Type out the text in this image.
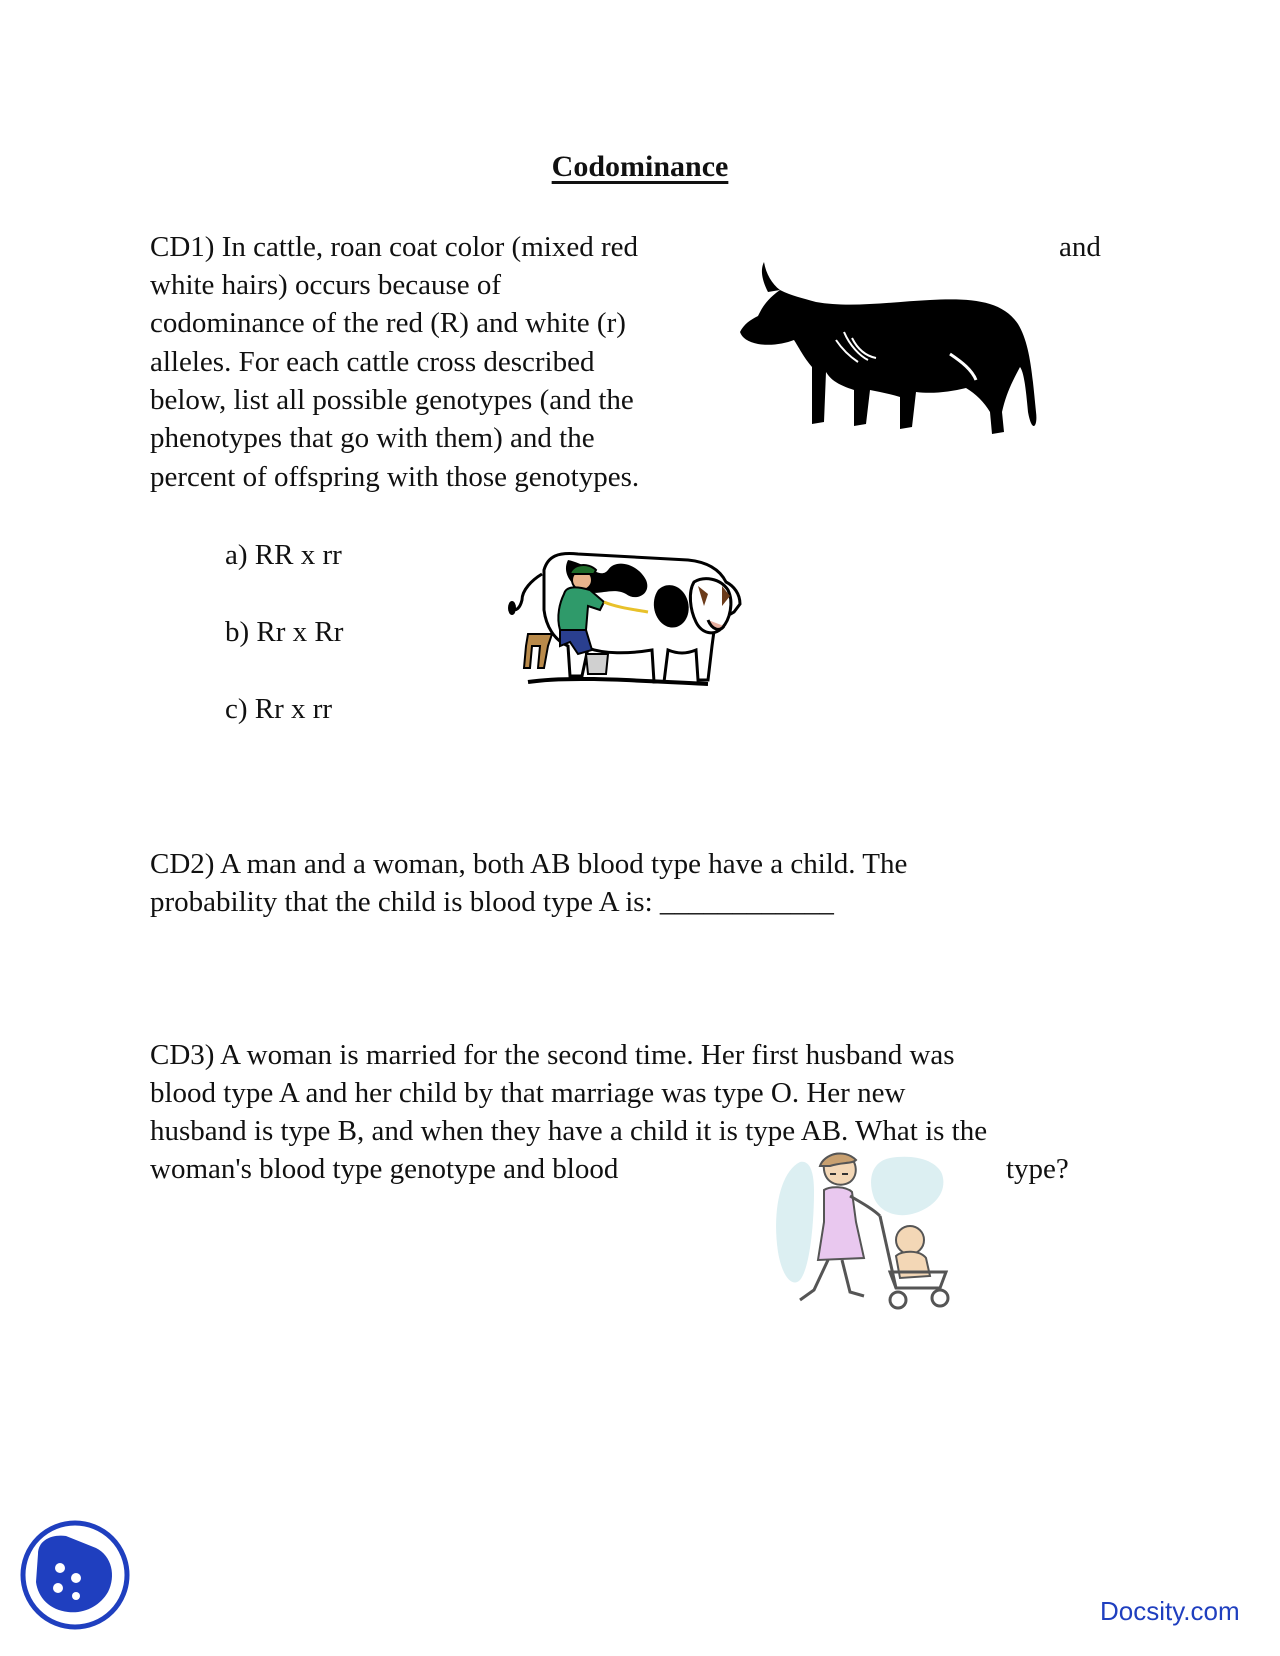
Codominance
CD1) In cattle, roan coat color (mixed red
white hairs) occurs because of
codominance of the red (R) and white (r)
alleles. For each cattle cross described
below, list all possible genotypes (and the
phenotypes that go with them) and the
percent of offspring with those genotypes.
and
a) RR x rr
b) Rr x Rr
c) Rr x rr
CD2) A man and a woman, both AB blood type have a child. The
probability that the child is blood type A is: ____________
CD3) A woman is married for the second time. Her first husband was
blood type A and her child by that marriage was type O. Her new
husband is type B, and when they have a child it is type AB. What is the
woman's blood type genotype and blood	type?
Docsity.com
